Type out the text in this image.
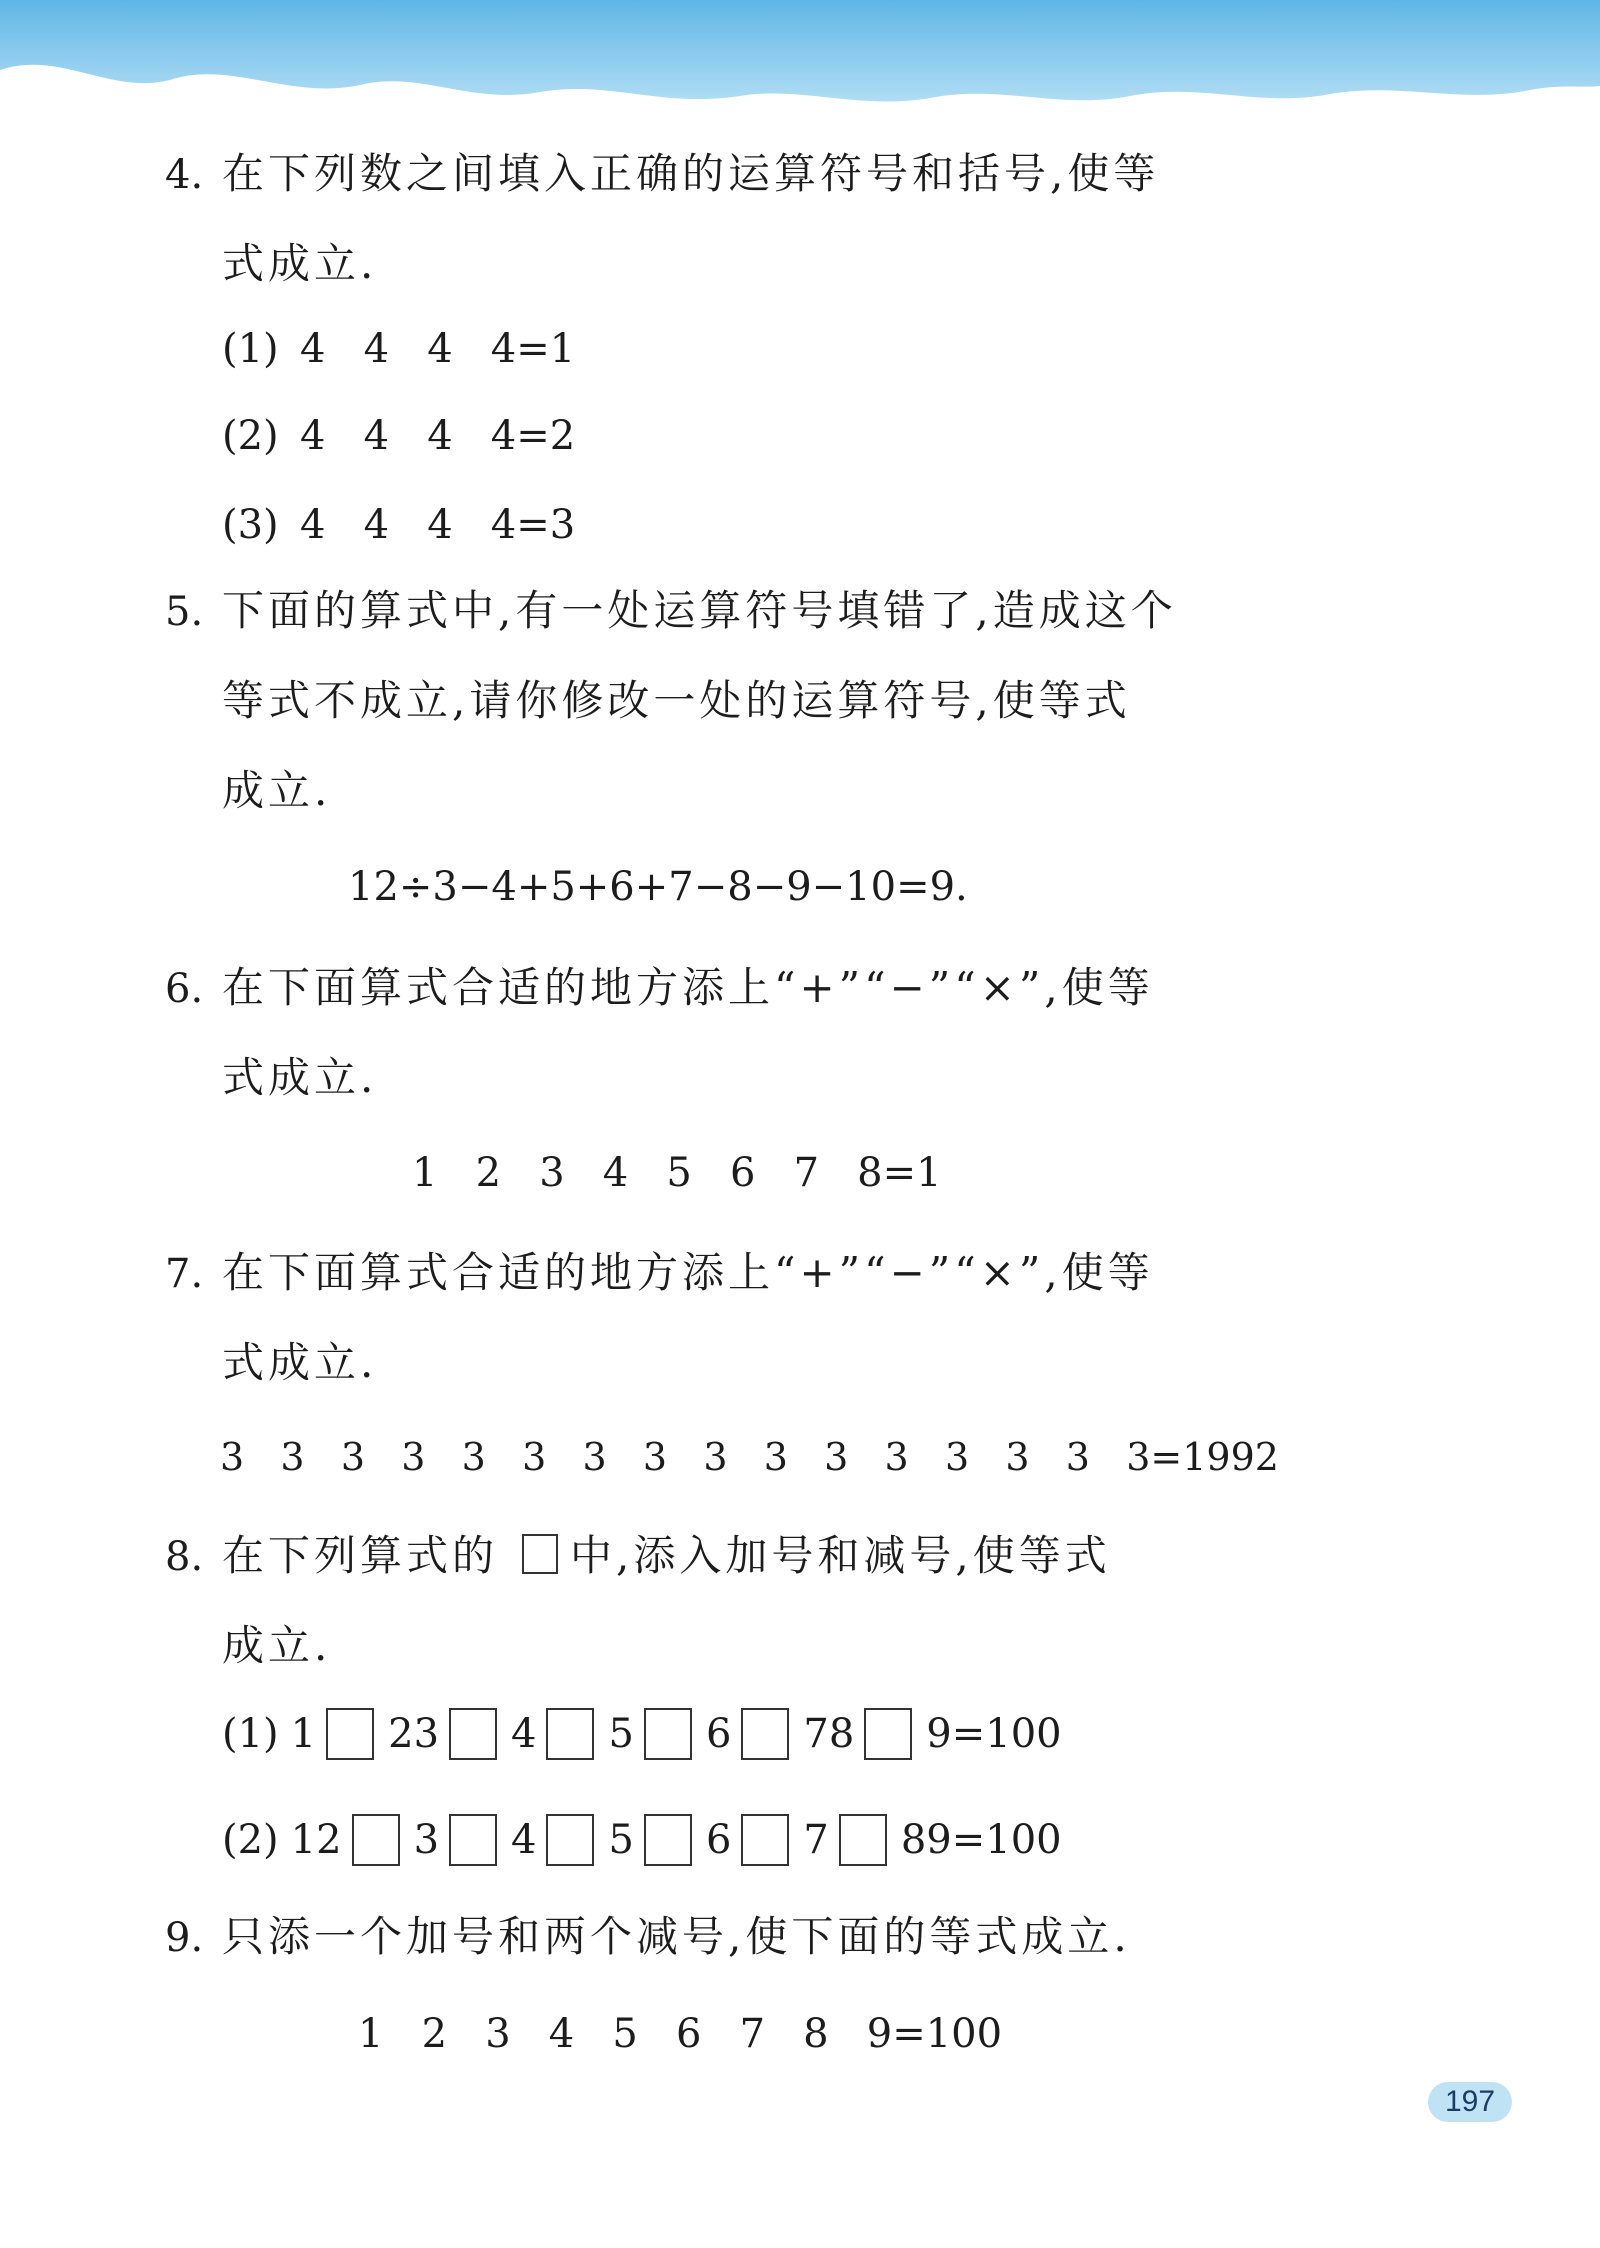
4. 在下列数之间填入正确的运算符号和括号,使等
式成立.
(1) 4   4   4   4=1
(2) 4   4   4   4=2
(3) 4   4   4   4=3
5. 下面的算式中,有一处运算符号填错了,造成这个
等式不成立,请你修改一处的运算符号,使等式
成立.
12÷3−4+5+6+7−8−9−10=9.
6. 在下面算式合适的地方添上“+”“−”“×”,使等
式成立.
1   2   3   4   5   6   7   8=1
7. 在下面算式合适的地方添上“+”“−”“×”,使等
式成立.
3   3   3   3   3   3   3   3   3   3   3   3   3   3   3   3=1992
8. 在下列算式的 中,添入加号和减号,使等式
成立.
(1) 1 23 4 5 6 78 9=100
(2) 12 3 4 5 6 7 89=100
9. 只添一个加号和两个减号,使下面的等式成立.
1   2   3   4   5   6   7   8   9=100
197
